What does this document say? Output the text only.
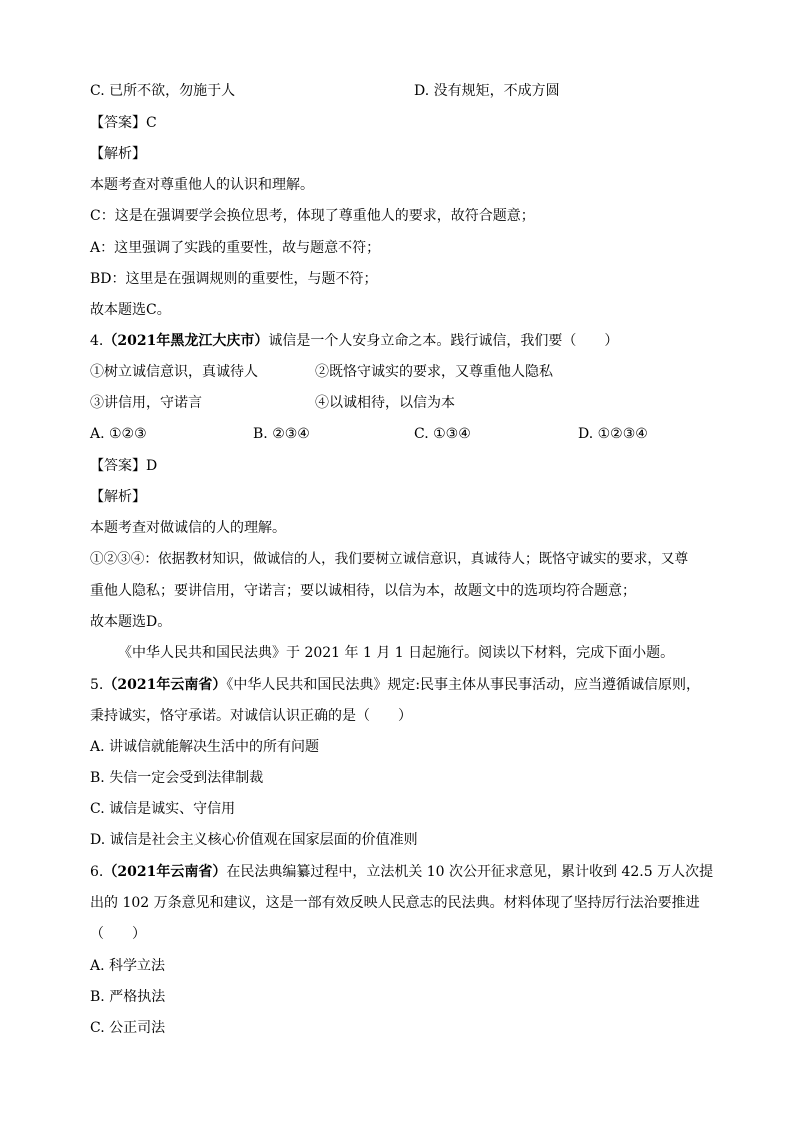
C. 已所不欲，勿施于人	D. 没有规矩，不成方圆
【答案】C
【解析】
本题考查对尊重他人的认识和理解。
C：这是在强调要学会换位思考，体现了尊重他人的要求，故符合题意；
A：这里强调了实践的重要性，故与题意不符；
BD：这里是在强调规则的重要性，与题不符；
故本题选C。
4.（2021年黑龙江大庆市）诚信是一个人安身立命之本。践行诚信，我们要（　　）
①树立诚信意识，真诚待人	②既恪守诚实的要求，又尊重他人隐私
③讲信用，守诺言	④以诚相待，以信为本
A. ①②③	B. ②③④	C. ①③④	D. ①②③④
【答案】D
【解析】
本题考查对做诚信的人的理解。
①②③④：依据教材知识，做诚信的人，我们要树立诚信意识，真诚待人；既恪守诚实的要求，又尊
重他人隐私；要讲信用，守诺言；要以诚相待，以信为本，故题文中的选项均符合题意；
故本题选D。
《中华人民共和国民法典》于 2021 年 1 月 1 日起施行。阅读以下材料，完成下面小题。
5.（2021年云南省）《中华人民共和国民法典》规定:民事主体从事民事活动，应当遵循诚信原则，
秉持诚实，恪守承诺。对诚信认识正确的是（　　）
A. 讲诚信就能解决生活中的所有问题
B. 失信一定会受到法律制裁
C. 诚信是诚实、守信用
D. 诚信是社会主义核心价值观在国家层面的价值准则
6.（2021年云南省）在民法典编纂过程中，立法机关 10 次公开征求意见，累计收到 42.5 万人次提
出的 102 万条意见和建议，这是一部有效反映人民意志的民法典。材料体现了坚持厉行法治要推进
（　　）
A. 科学立法
B. 严格执法
C. 公正司法
